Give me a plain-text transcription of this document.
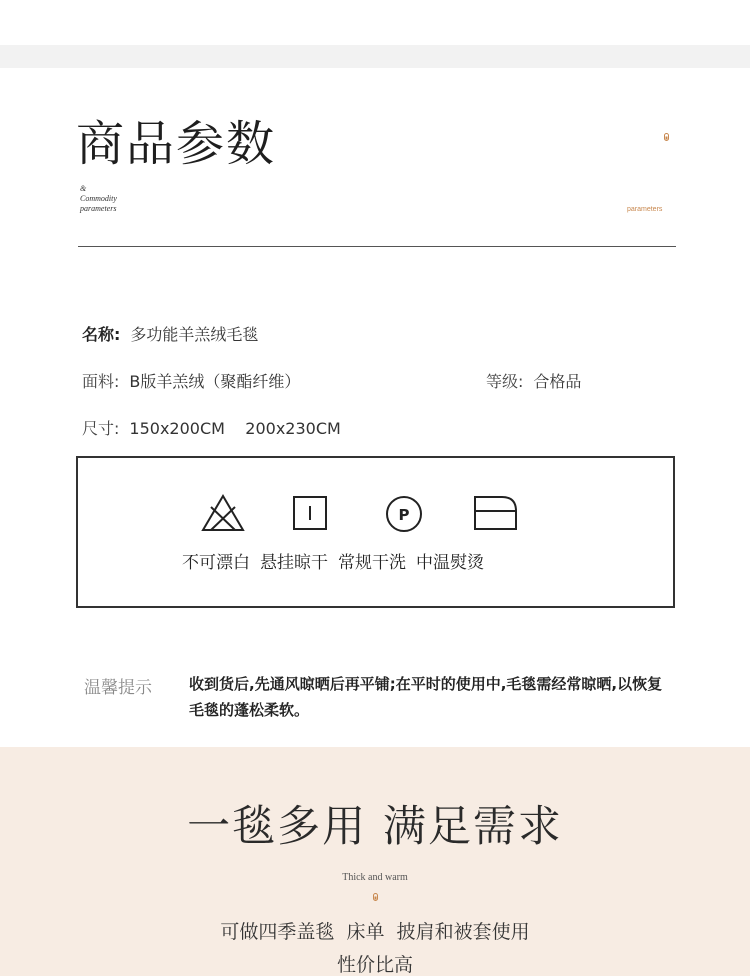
商品参数
&
Commodity
parameters	parameters
名称: 多功能羊羔绒毛毯
面料: B版羊羔绒（聚酯纤维）	等级: 合格品
尺寸: 150x200CM    200x230CM
P
不可漂白 悬挂晾干 常规干洗 中温熨烫
温馨提示 收到货后,先通风晾晒后再平铺;在平时的使用中,毛毯需经常晾晒,以恢复毛毯的蓬松柔软。
一毯多用 满足需求
Thick and warm
可做四季盖毯  床单  披肩和被套使用
性价比高
